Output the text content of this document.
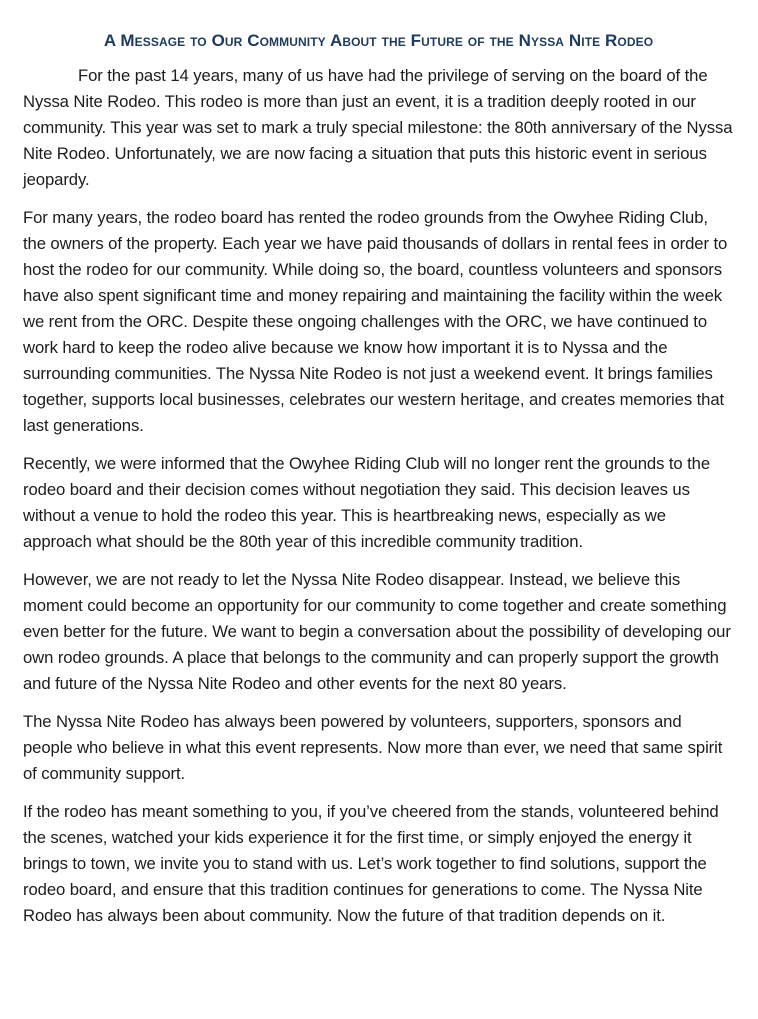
A Message to Our Community About the Future of the Nyssa Nite Rodeo

For the past 14 years, many of us have had the privilege of serving on the board of the Nyssa Nite Rodeo. This rodeo is more than just an event, it is a tradition deeply rooted in our community. This year was set to mark a truly special milestone: the 80th anniversary of the Nyssa Nite Rodeo. Unfortunately, we are now facing a situation that puts this historic event in serious jeopardy.

For many years, the rodeo board has rented the rodeo grounds from the Owyhee Riding Club, the owners of the property. Each year we have paid thousands of dollars in rental fees in order to host the rodeo for our community. While doing so, the board, countless volunteers and sponsors have also spent significant time and money repairing and maintaining the facility within the week we rent from the ORC. Despite these ongoing challenges with the ORC, we have continued to work hard to keep the rodeo alive because we know how important it is to Nyssa and the surrounding communities. The Nyssa Nite Rodeo is not just a weekend event. It brings families together, supports local businesses, celebrates our western heritage, and creates memories that last generations.

Recently, we were informed that the Owyhee Riding Club will no longer rent the grounds to the rodeo board and their decision comes without negotiation they said. This decision leaves us without a venue to hold the rodeo this year. This is heartbreaking news, especially as we approach what should be the 80th year of this incredible community tradition.

However, we are not ready to let the Nyssa Nite Rodeo disappear. Instead, we believe this moment could become an opportunity for our community to come together and create something even better for the future. We want to begin a conversation about the possibility of developing our own rodeo grounds. A place that belongs to the community and can properly support the growth and future of the Nyssa Nite Rodeo and other events for the next 80 years.

The Nyssa Nite Rodeo has always been powered by volunteers, supporters, sponsors and people who believe in what this event represents. Now more than ever, we need that same spirit of community support.

If the rodeo has meant something to you, if you’ve cheered from the stands, volunteered behind the scenes, watched your kids experience it for the first time, or simply enjoyed the energy it brings to town, we invite you to stand with us. Let’s work together to find solutions, support the rodeo board, and ensure that this tradition continues for generations to come. The Nyssa Nite Rodeo has always been about community. Now the future of that tradition depends on it.
